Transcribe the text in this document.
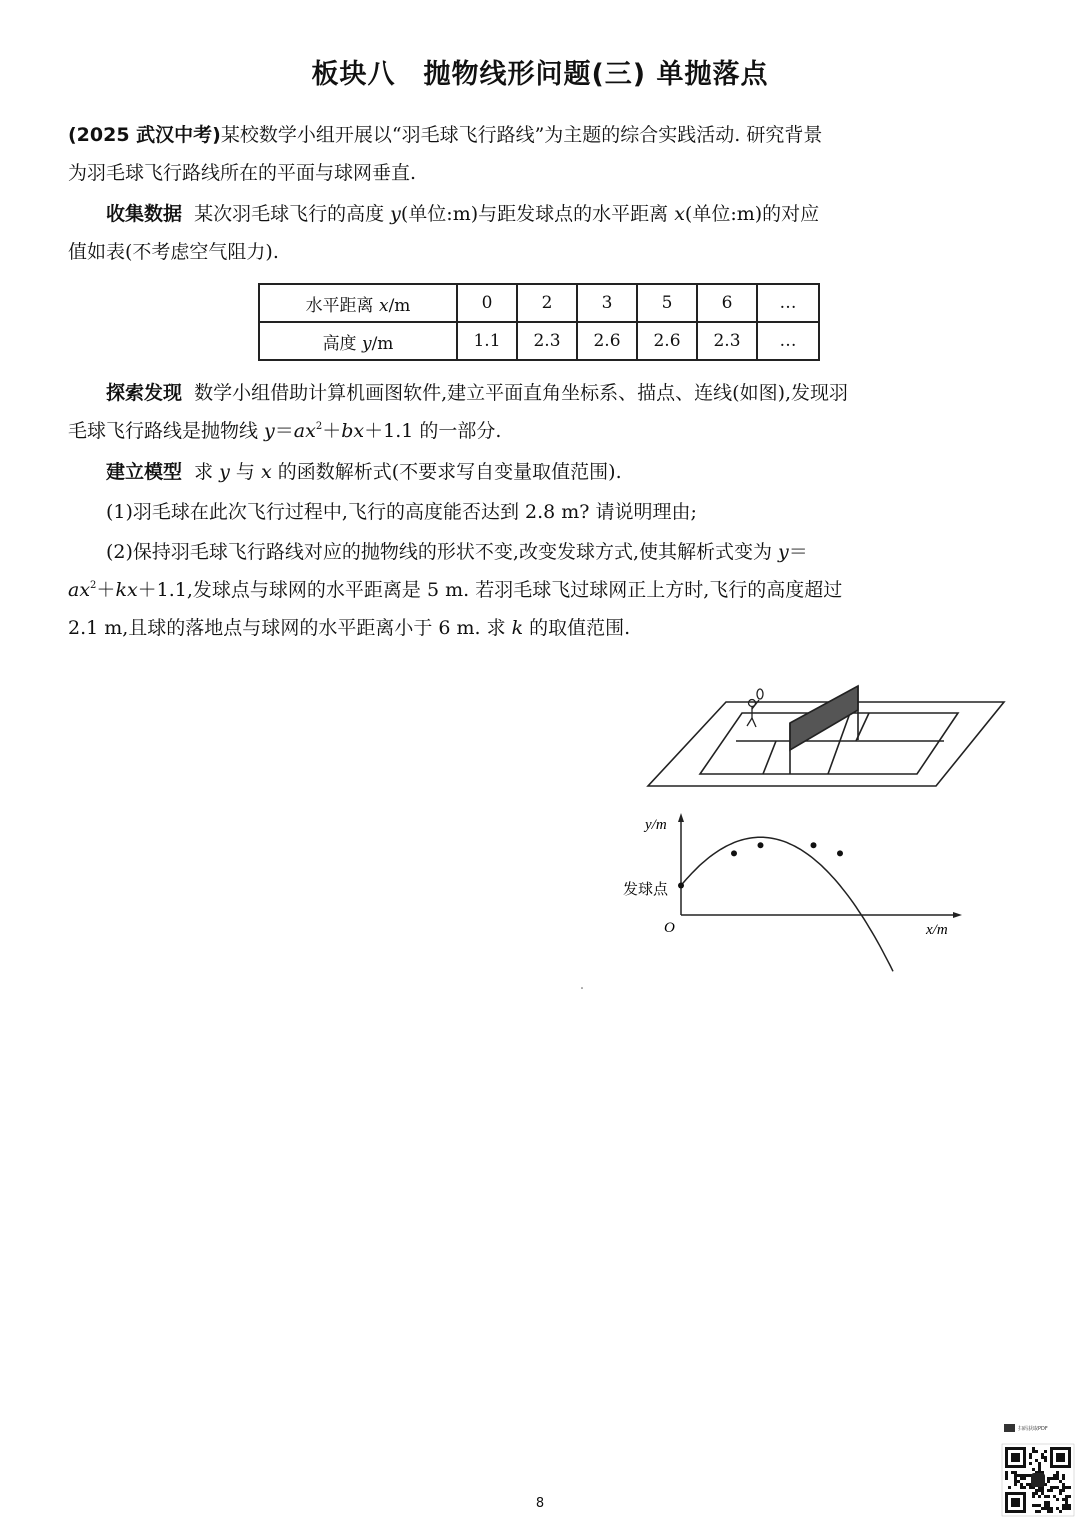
板块八　抛物线形问题(三) 单抛落点
(2025 武汉中考)某校数学小组开展以“羽毛球飞行路线”为主题的综合实践活动. 研究背景
为羽毛球飞行路线所在的平面与球网垂直.
收集数据 某次羽毛球飞行的高度 y(单位:m)与距发球点的水平距离 x(单位:m)的对应
值如表(不考虑空气阻力).
水平距离 x/m	0	2	3	5	6	…
高度 y/m	1.1	2.3	2.6	2.6	2.3	…
探索发现 数学小组借助计算机画图软件,建立平面直角坐标系、描点、连线(如图),发现羽
毛球飞行路线是抛物线 $y=ax^2+bx+1.1$ 的一部分.
建立模型 求 y 与 x 的函数解析式(不要求写自变量取值范围).
(1)羽毛球在此次飞行过程中,飞行的高度能否达到 2.8 m? 请说明理由;
(2)保持羽毛球飞行路线对应的抛物线的形状不变,改变发球方式,使其解析式变为 y＝
$ax^2+kx+1.1$,发球点与球网的水平距离是 5 m. 若羽毛球飞过球网正上方时,飞行的高度超过
2.1 m,且球的落地点与球网的水平距离小于 6 m. 求 k 的取值范围.
y/m
x/m
O
发球点
扫码获取PDF
8
